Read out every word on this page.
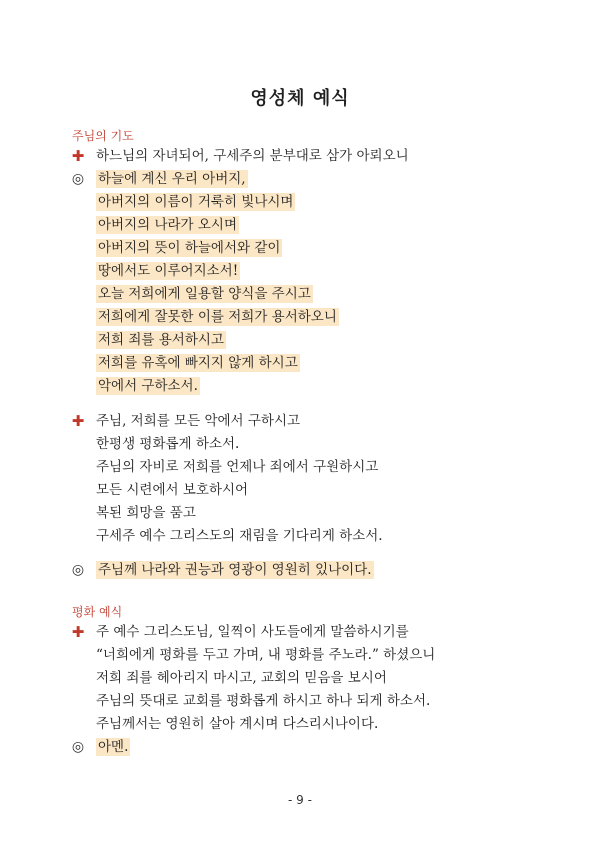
영성체 예식
주님의 기도
✚ 하느님의 자녀되어, 구세주의 분부대로 삼가 아뢰오니
◎ 하늘에 계신 우리 아버지,
아버지의 이름이 거룩히 빛나시며
아버지의 나라가 오시며
아버지의 뜻이 하늘에서와 같이
땅에서도 이루어지소서!
오늘 저희에게 일용할 양식을 주시고
저희에게 잘못한 이를 저희가 용서하오니
저희 죄를 용서하시고
저희를 유혹에 빠지지 않게 하시고
악에서 구하소서.
✚ 주님, 저희를 모든 악에서 구하시고
한평생 평화롭게 하소서.
주님의 자비로 저희를 언제나 죄에서 구원하시고
모든 시련에서 보호하시어
복된 희망을 품고
구세주 예수 그리스도의 재림을 기다리게 하소서.
◎ 주님께 나라와 권능과 영광이 영원히 있나이다.
평화 예식
✚ 주 예수 그리스도님, 일찍이 사도들에게 말씀하시기를
“너희에게 평화를 두고 가며, 내 평화를 주노라.” 하셨으니
저희 죄를 헤아리지 마시고, 교회의 믿음을 보시어
주님의 뜻대로 교회를 평화롭게 하시고 하나 되게 하소서.
주님께서는 영원히 살아 계시며 다스리시나이다.
◎ 아멘.
- 9 -
